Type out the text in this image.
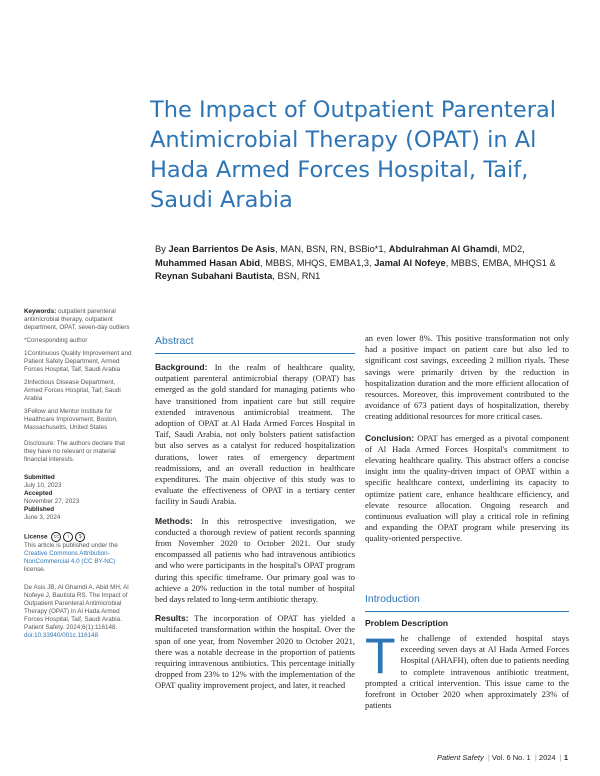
The Impact of Outpatient Parenteral Antimicrobial Therapy (OPAT) in Al Hada Armed Forces Hospital, Taif, Saudi Arabia
By Jean Barrientos De Asis, MAN, BSN, RN, BSBio*1, Abdulrahman Al Ghamdi, MD2, Muhammed Hasan Abid, MBBS, MHQS, EMBA1,3, Jamal Al Nofeye, MBBS, EMBA, MHQS1 & Reynan Subahani Bautista, BSN, RN1

Keywords: outpatient parenteral antimicrobial therapy, outpatient department, OPAT, seven-day outliers

*Corresponding author

1Continuous Quality Improvement and Patient Safety Department, Armed Forces Hospital, Taif, Saudi Arabia

2Infectious Disease Department, Armed Forces Hospital, Taif, Saudi Arabia

3Fellow and Mentor Institute for Healthcare Improvement, Boston, Massachusetts, United States

Disclosure: The authors declare that they have no relevant or material financial interests.

Submitted
July 10, 2023
Accepted
November 27, 2023
Published
June 3, 2024

License cc i $
This article is published under the Creative Commons Attribution-NonCommercial 4.0 (CC BY-NC) license.

De Asis JB, Al Ghamdi A, Abid MH, Al Nofeye J, Bautista RS. The Impact of Outpatient Parenteral Antimicrobial Therapy (OPAT) in Al Hada Armed Forces Hospital, Taif, Saudi Arabia. Patient Safety. 2024;6(1):116148. doi:10.33940/001c.116148

Abstract

Background: In the realm of healthcare quality, outpatient parenteral antimicrobial therapy (OPAT) has emerged as the gold standard for managing patients who have transitioned from inpatient care but still require extended intravenous antimicrobial treatment. The adoption of OPAT at Al Hada Armed Forces Hospital in Taif, Saudi Arabia, not only bolsters patient satisfaction but also serves as a catalyst for reduced hospitalization durations, lower rates of emergency department readmissions, and an overall reduction in healthcare expenditures. The main objective of this study was to evaluate the effectiveness of OPAT in a tertiary center facility in Saudi Arabia.

Methods: In this retrospective investigation, we conducted a thorough review of patient records spanning from November 2020 to October 2021. Our study encompassed all patients who had intravenous antibiotics and who were participants in the hospital's OPAT program during this specific timeframe. Our primary goal was to achieve a 20% reduction in the total number of hospital bed days related to long-term antibiotic therapy.

Results: The incorporation of OPAT has yielded a multifaceted transformation within the hospital. Over the span of one year, from November 2020 to October 2021, there was a notable decrease in the proportion of patients requiring intravenous antibiotics. This percentage initially dropped from 23% to 12% with the implementation of the OPAT quality improvement project, and later, it reached

an even lower 8%. This positive transformation not only had a positive impact on patient care but also led to significant cost savings, exceeding 2 million riyals. These savings were primarily driven by the reduction in hospitalization duration and the more efficient allocation of resources. Moreover, this improvement contributed to the avoidance of 673 patient days of hospitalization, thereby creating additional resources for more critical cases.

Conclusion: OPAT has emerged as a pivotal component of Al Hada Armed Forces Hospital's commitment to elevating healthcare quality. This abstract offers a concise insight into the quality-driven impact of OPAT within a specific healthcare context, underlining its capacity to optimize patient care, enhance healthcare efficiency, and elevate resource allocation. Ongoing research and continuous evaluation will play a critical role in refining and expanding the OPAT program while preserving its quality-oriented perspective.

Introduction
Problem Description

The challenge of extended hospital stays exceeding seven days at Al Hada Armed Forces Hospital (AHAFH), often due to patients needing to complete intravenous antibiotic treatment, prompted a critical intervention. This issue came to the forefront in October 2020 when approximately 23% of patients

Patient Safety  | Vol. 6 No. 1  | 2024  | 1
